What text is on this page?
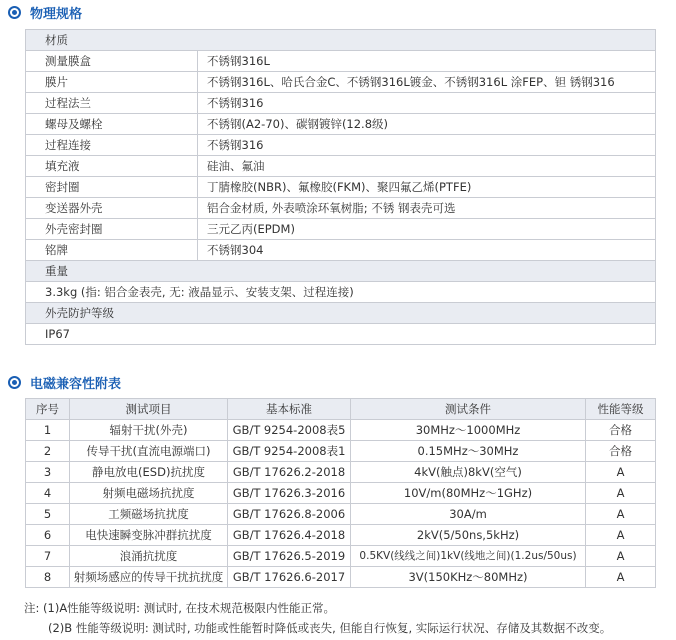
物理规格
材质	
测量膜盒	不锈钢316L
膜片	不锈钢316L、哈氏合金C、不锈钢316L镀金、不锈钢316L 涂FEP、钽 锈钢316
过程法兰	不锈钢316
螺母及螺栓	不锈钢(A2-70)、碳钢镀锌(12.8级)
过程连接	不锈钢316
填充液	硅油、氟油
密封圈	丁腈橡胶(NBR)、氟橡胶(FKM)、聚四氟乙烯(PTFE)
变送器外壳	铝合金材质, 外表喷涂环氧树脂; 不锈 钢表壳可选
外壳密封圈	三元乙丙(EPDM)
铭牌	不锈钢304
重量	
3.3kg (指: 铝合金表壳, 无: 液晶显示、安装支架、过程连接)	
外壳防护等级	
IP67	
电磁兼容性附表
序号	测试项目	基本标准	测试条件	性能等级
1	辐射干扰(外壳)	GB/T 9254-2008表5	30MHz～1000MHz	合格
2	传导干扰(直流电源端口)	GB/T 9254-2008表1	0.15MHz～30MHz	合格
3	静电放电(ESD)抗扰度	GB/T 17626.2-2018	4kV(触点)8kV(空气)	A
4	射频电磁场抗扰度	GB/T 17626.3-2016	10V/m(80MHz～1GHz)	A
5	工频磁场抗扰度	GB/T 17626.8-2006	30A/m	A
6	电快速瞬变脉冲群抗扰度	GB/T 17626.4-2018	2kV(5/50ns,5kHz)	A
7	浪涌抗扰度	GB/T 17626.5-2019	0.5KV(线线之间)1kV(线地之间)(1.2us/50us)	A
8	射频场感应的传导干扰抗扰度	GB/T 17626.6-2017	3V(150KHz～80MHz)	A
注: (1)A性能等级说明: 测试时, 在技术规范极限内性能正常。
(2)B 性能等级说明: 测试时, 功能或性能暂时降低或丧失, 但能自行恢复, 实际运行状况、存储及其数据不改变。
